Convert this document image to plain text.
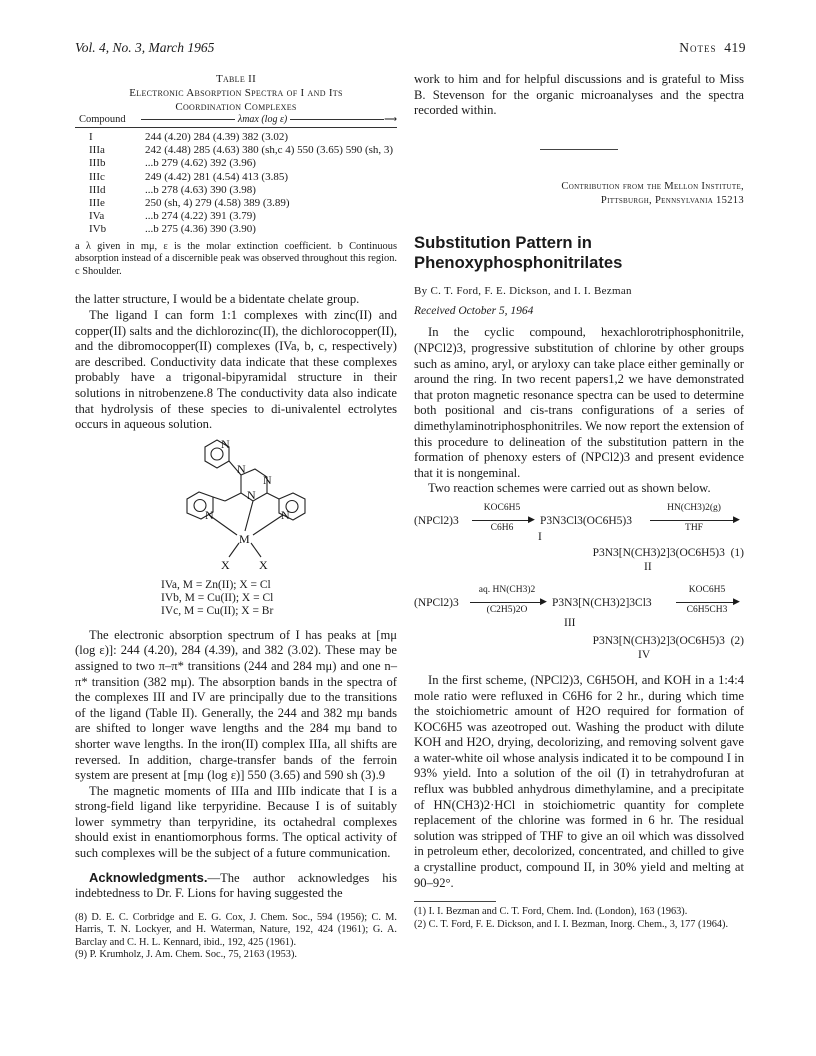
Vol. 4, No. 3, March 1965	Notes 419
Table II
Electronic Absorption Spectra of I and Its
Coordination Complexes
Compound	λmax (log ε)	⟶
I	244 (4.20) 284 (4.39) 382 (3.02)
IIIa	242 (4.48) 285 (4.63) 380 (sh,c 4) 550 (3.65) 590 (sh, 3)
IIIb	...b 279 (4.62) 392 (3.96)
IIIc	249 (4.42) 281 (4.54) 413 (3.85)
IIId	...b 278 (4.63) 390 (3.98)
IIIe	250 (sh, 4) 279 (4.58) 389 (3.89)
IVa	...b 274 (4.22) 391 (3.79)
IVb	...b 275 (4.36) 390 (3.90)
a λ given in mμ, ε is the molar extinction coefficient. b Continuous absorption instead of a discernible peak was observed throughout this region. c Shoulder.

the latter structure, I would be a bidentate chelate group.

The ligand I can form 1:1 complexes with zinc(II) and copper(II) salts and the dichlorozinc(II), the dichlorocopper(II), and the dibromocopper(II) complexes (IVa, b, c, respectively) are described. Conductivity data indicate that these complexes probably have a trigonal-bipyramidal structure in their solutions in nitrobenzene.8 The conductivity data also indicate that hydrolysis of these species to di-univalentel ectrolytes occurs in aqueous solution.

N
N
N
N
N	N
M
X X
IVa, M = Zn(II); X = Cl
IVb, M = Cu(II); X = Cl
IVc, M = Cu(II); X = Br

The electronic absorption spectrum of I has peaks at [mμ (log ε)]: 244 (4.20), 284 (4.39), and 382 (3.02). These may be assigned to two π–π* transitions (244 and 284 mμ) and one n–π* transition (382 mμ). The absorption bands in the spectra of the complexes III and IV are principally due to the transitions of the ligand (Table II). Generally, the 244 and 382 mμ bands are shifted to longer wave lengths and the 284 mμ band to shorter wave lengths. In the iron(II) complex IIIa, all shifts are reversed. In addition, charge-transfer bands of the ferroin system are present at [mμ (log ε)] 550 (3.65) and 590 sh (3).9

The magnetic moments of IIIa and IIIb indicate that I is a strong-field ligand like terpyridine. Because I is of suitably lower symmetry than terpyridine, its octahedral complexes should exist in enantiomorphous forms. The optical activity of such complexes will be the subject of a future communication.

Acknowledgments.—The author acknowledges his indebtedness to Dr. F. Lions for having suggested the

(8) D. E. C. Corbridge and E. G. Cox, J. Chem. Soc., 594 (1956); C. M. Harris, T. N. Lockyer, and H. Waterman, Nature, 192, 424 (1961); G. A. Barclay and C. H. L. Kennard, ibid., 192, 425 (1961).
(9) P. Krumholz, J. Am. Chem. Soc., 75, 2163 (1953).

work to him and for helpful discussions and is grateful to Miss B. Stevenson for the organic microanalyses and the spectra recorded within.

Contribution from the Mellon Institute,
Pittsburgh, Pennsylvania 15213
Substitution Pattern in
Phenoxyphosphonitrilates
By C. T. Ford, F. E. Dickson, and I. I. Bezman
Received October 5, 1964

In the cyclic compound, hexachlorotriphosphonitrile, (NPCl2)3, progressive substitution of chlorine by other groups such as amino, aryl, or aryloxy can take place either geminally or around the ring. In two recent papers1,2 we have demonstrated that proton magnetic resonance spectra can be used to determine both positional and cis-trans configurations of a series of dimethylaminotriphosphonitriles. We now report the extension of this procedure to delineation of the substitution pattern in the formation of phenoxy esters of (NPCl2)3 and present evidence that it is nongeminal.

Two reaction schemes were carried out as shown below.

(NPCl2)3
KOC6H5
▶
C6H6
P3N3Cl3(OC6H5)3
I
HN(CH3)2(g)
▶
THF
P3N3[N(CH3)2]3(OC6H5)3 (1)
II
(NPCl2)3
aq. HN(CH3)2
▶
(C2H5)2O
P3N3[N(CH3)2]3Cl3
III
KOC6H5
▶
C6H5CH3
P3N3[N(CH3)2]3(OC6H5)3 (2)
IV

In the first scheme, (NPCl2)3, C6H5OH, and KOH in a 1:4:4 mole ratio were refluxed in C6H6 for 2 hr., during which time the stoichiometric amount of H2O required for formation of KOC6H5 was azeotroped out. Washing the product with dilute KOH and H2O, drying, decolorizing, and removing solvent gave a water-white oil whose analysis indicated it to be compound I in 93% yield. Into a solution of the oil (I) in tetrahydrofuran at reflux was bubbled anhydrous dimethylamine, and a precipitate of HN(CH3)2·HCl in stoichiometric quantity for complete replacement of the chlorine was formed in 6 hr. The residual solution was stripped of THF to give an oil which was dissolved in petroleum ether, decolorized, concentrated, and chilled to give a crystalline product, compound II, in 30% yield and melting at 90–92°.

(1) I. I. Bezman and C. T. Ford, Chem. Ind. (London), 163 (1963).
(2) C. T. Ford, F. E. Dickson, and I. I. Bezman, Inorg. Chem., 3, 177 (1964).
